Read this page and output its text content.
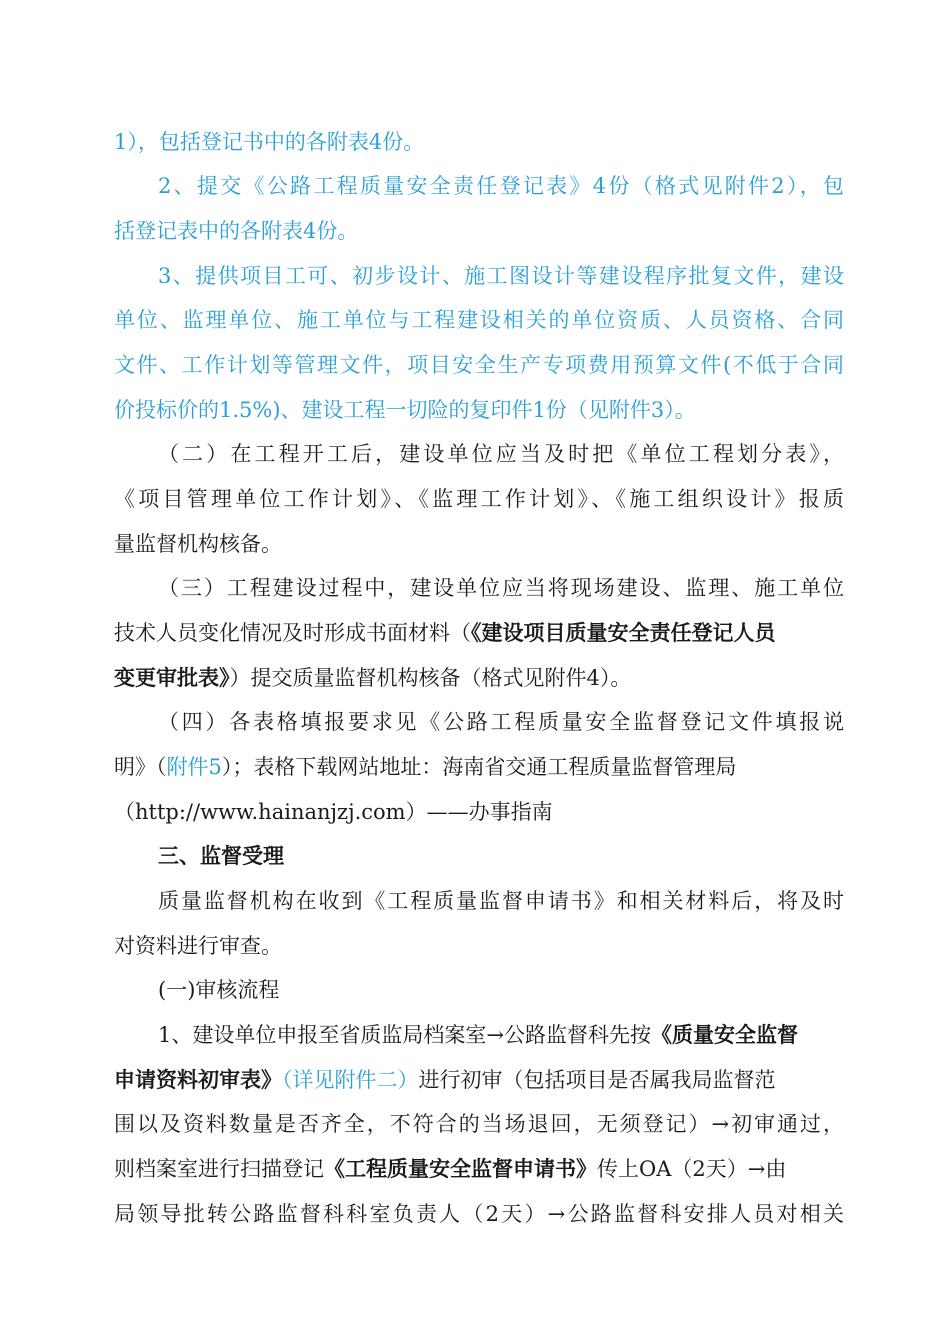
1），包括登记书中的各附表4份。
2、提交《公路工程质量安全责任登记表》4份（格式见附件2），包
括登记表中的各附表4份。
3、提供项目工可、初步设计、施工图设计等建设程序批复文件，建设
单位、监理单位、施工单位与工程建设相关的单位资质、人员资格、合同
文件、工作计划等管理文件，项目安全生产专项费用预算文件(不低于合同
价投标价的1.5%)、建设工程一切险的复印件1份（见附件3）。
（二）在工程开工后，建设单位应当及时把《单位工程划分表》，
《项目管理单位工作计划》、《监理工作计划》、《施工组织设计》报质
量监督机构核备。
（三）工程建设过程中，建设单位应当将现场建设、监理、施工单位
技术人员变化情况及时形成书面材料（《建设项目质量安全责任登记人员
变更审批表》）提交质量监督机构核备（格式见附件4）。
（四）各表格填报要求见《公路工程质量安全监督登记文件填报说
明》（附件5）；表格下载网站地址：海南省交通工程质量监督管理局
（http://www.hainanjzj.com）——办事指南
三、监督受理
质量监督机构在收到《工程质量监督申请书》和相关材料后，将及时
对资料进行审查。
(一)审核流程
1、建设单位申报至省质监局档案室→公路监督科先按《质量安全监督
申请资料初审表》（详见附件二）进行初审（包括项目是否属我局监督范
围以及资料数量是否齐全，不符合的当场退回，无须登记）→初审通过，
则档案室进行扫描登记《工程质量安全监督申请书》传上OA（2天）→由
局领导批转公路监督科科室负责人（2天）→公路监督科安排人员对相关
